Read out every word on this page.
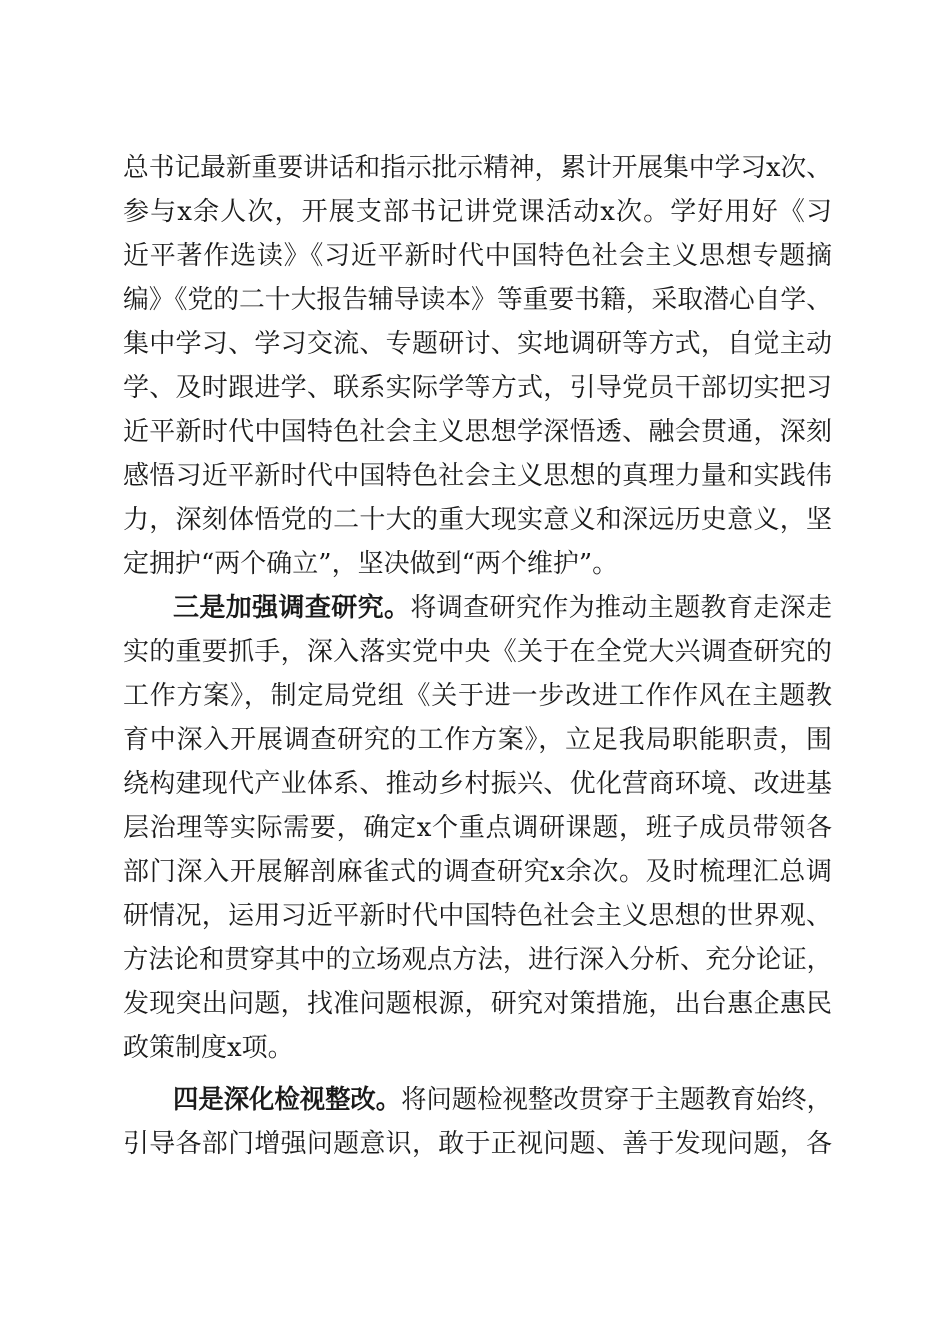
总书记最新重要讲话和指示批示精神，累计开展集中学习x次、
参与x余人次，开展支部书记讲党课活动x次。学好用好《习
近平著作选读》《习近平新时代中国特色社会主义思想专题摘
编》《党的二十大报告辅导读本》等重要书籍，采取潜心自学、
集中学习、学习交流、专题研讨、实地调研等方式，自觉主动
学、及时跟进学、联系实际学等方式，引导党员干部切实把习
近平新时代中国特色社会主义思想学深悟透、融会贯通，深刻
感悟习近平新时代中国特色社会主义思想的真理力量和实践伟
力，深刻体悟党的二十大的重大现实意义和深远历史意义，坚
定拥护“两个确立”，坚决做到“两个维护”。
三是加强调查研究。将调查研究作为推动主题教育走深走
实的重要抓手，深入落实党中央《关于在全党大兴调查研究的
工作方案》，制定局党组《关于进一步改进工作作风在主题教
育中深入开展调查研究的工作方案》，立足我局职能职责，围
绕构建现代产业体系、推动乡村振兴、优化营商环境、改进基
层治理等实际需要，确定x个重点调研课题，班子成员带领各
部门深入开展解剖麻雀式的调查研究x余次。及时梳理汇总调
研情况，运用习近平新时代中国特色社会主义思想的世界观、
方法论和贯穿其中的立场观点方法，进行深入分析、充分论证，
发现突出问题，找准问题根源，研究对策措施，出台惠企惠民
政策制度x项。
四是深化检视整改。将问题检视整改贯穿于主题教育始终，
引导各部门增强问题意识，敢于正视问题、善于发现问题，各
